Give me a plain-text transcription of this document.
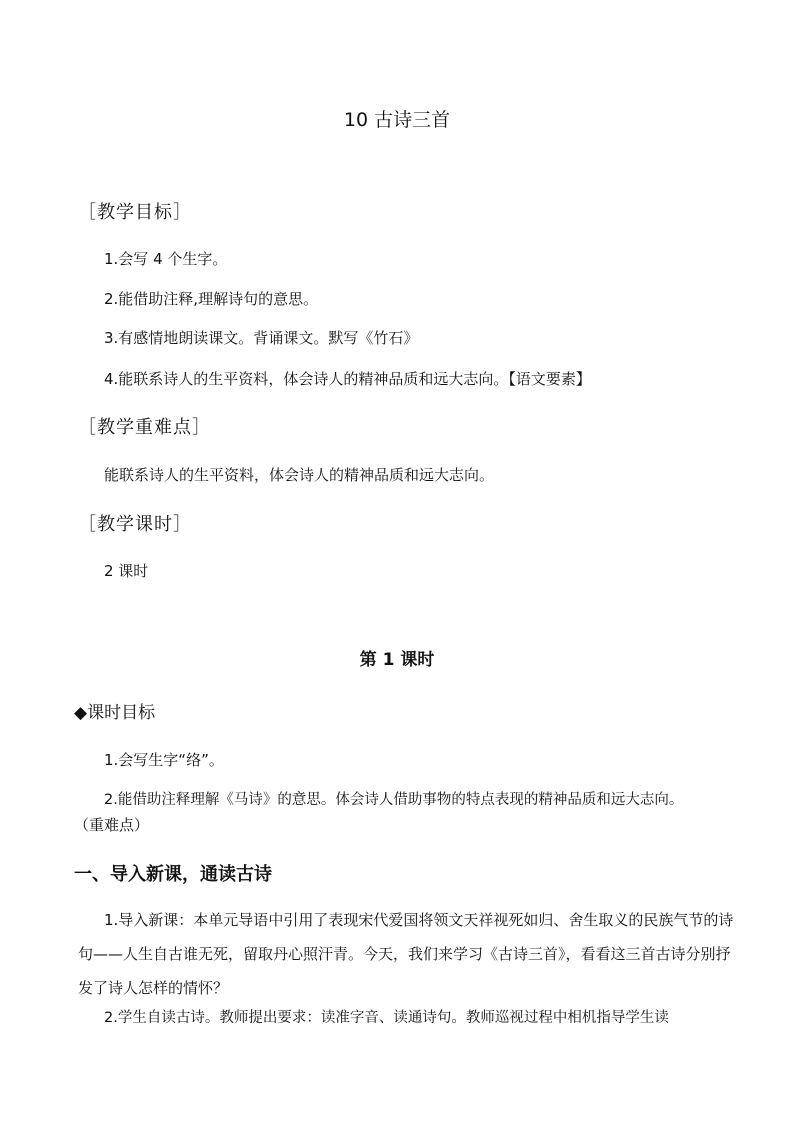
10 古诗三首
［教学目标］
1.会写 4 个生字。
2.能借助注释,理解诗句的意思。
3.有感情地朗读课文。背诵课文。默写《竹石》
4.能联系诗人的生平资料，体会诗人的精神品质和远大志向。【语文要素】
［教学重难点］
能联系诗人的生平资料，体会诗人的精神品质和远大志向。
［教学课时］
2 课时
第 1 课时
◆课时目标
1.会写生字“络”。
2.能借助注释理解《马诗》的意思。体会诗人借助事物的特点表现的精神品质和远大志向。
（重难点）
一、导入新课，通读古诗
1.导入新课：本单元导语中引用了表现宋代爱国将领文天祥视死如归、舍生取义的民族气节的诗句——人生自古谁无死，留取丹心照汗青。今天，我们来学习《古诗三首》，看看这三首古诗分别抒发了诗人怎样的情怀？
2.学生自读古诗。教师提出要求：读准字音、读通诗句。教师巡视过程中相机指导学生读
